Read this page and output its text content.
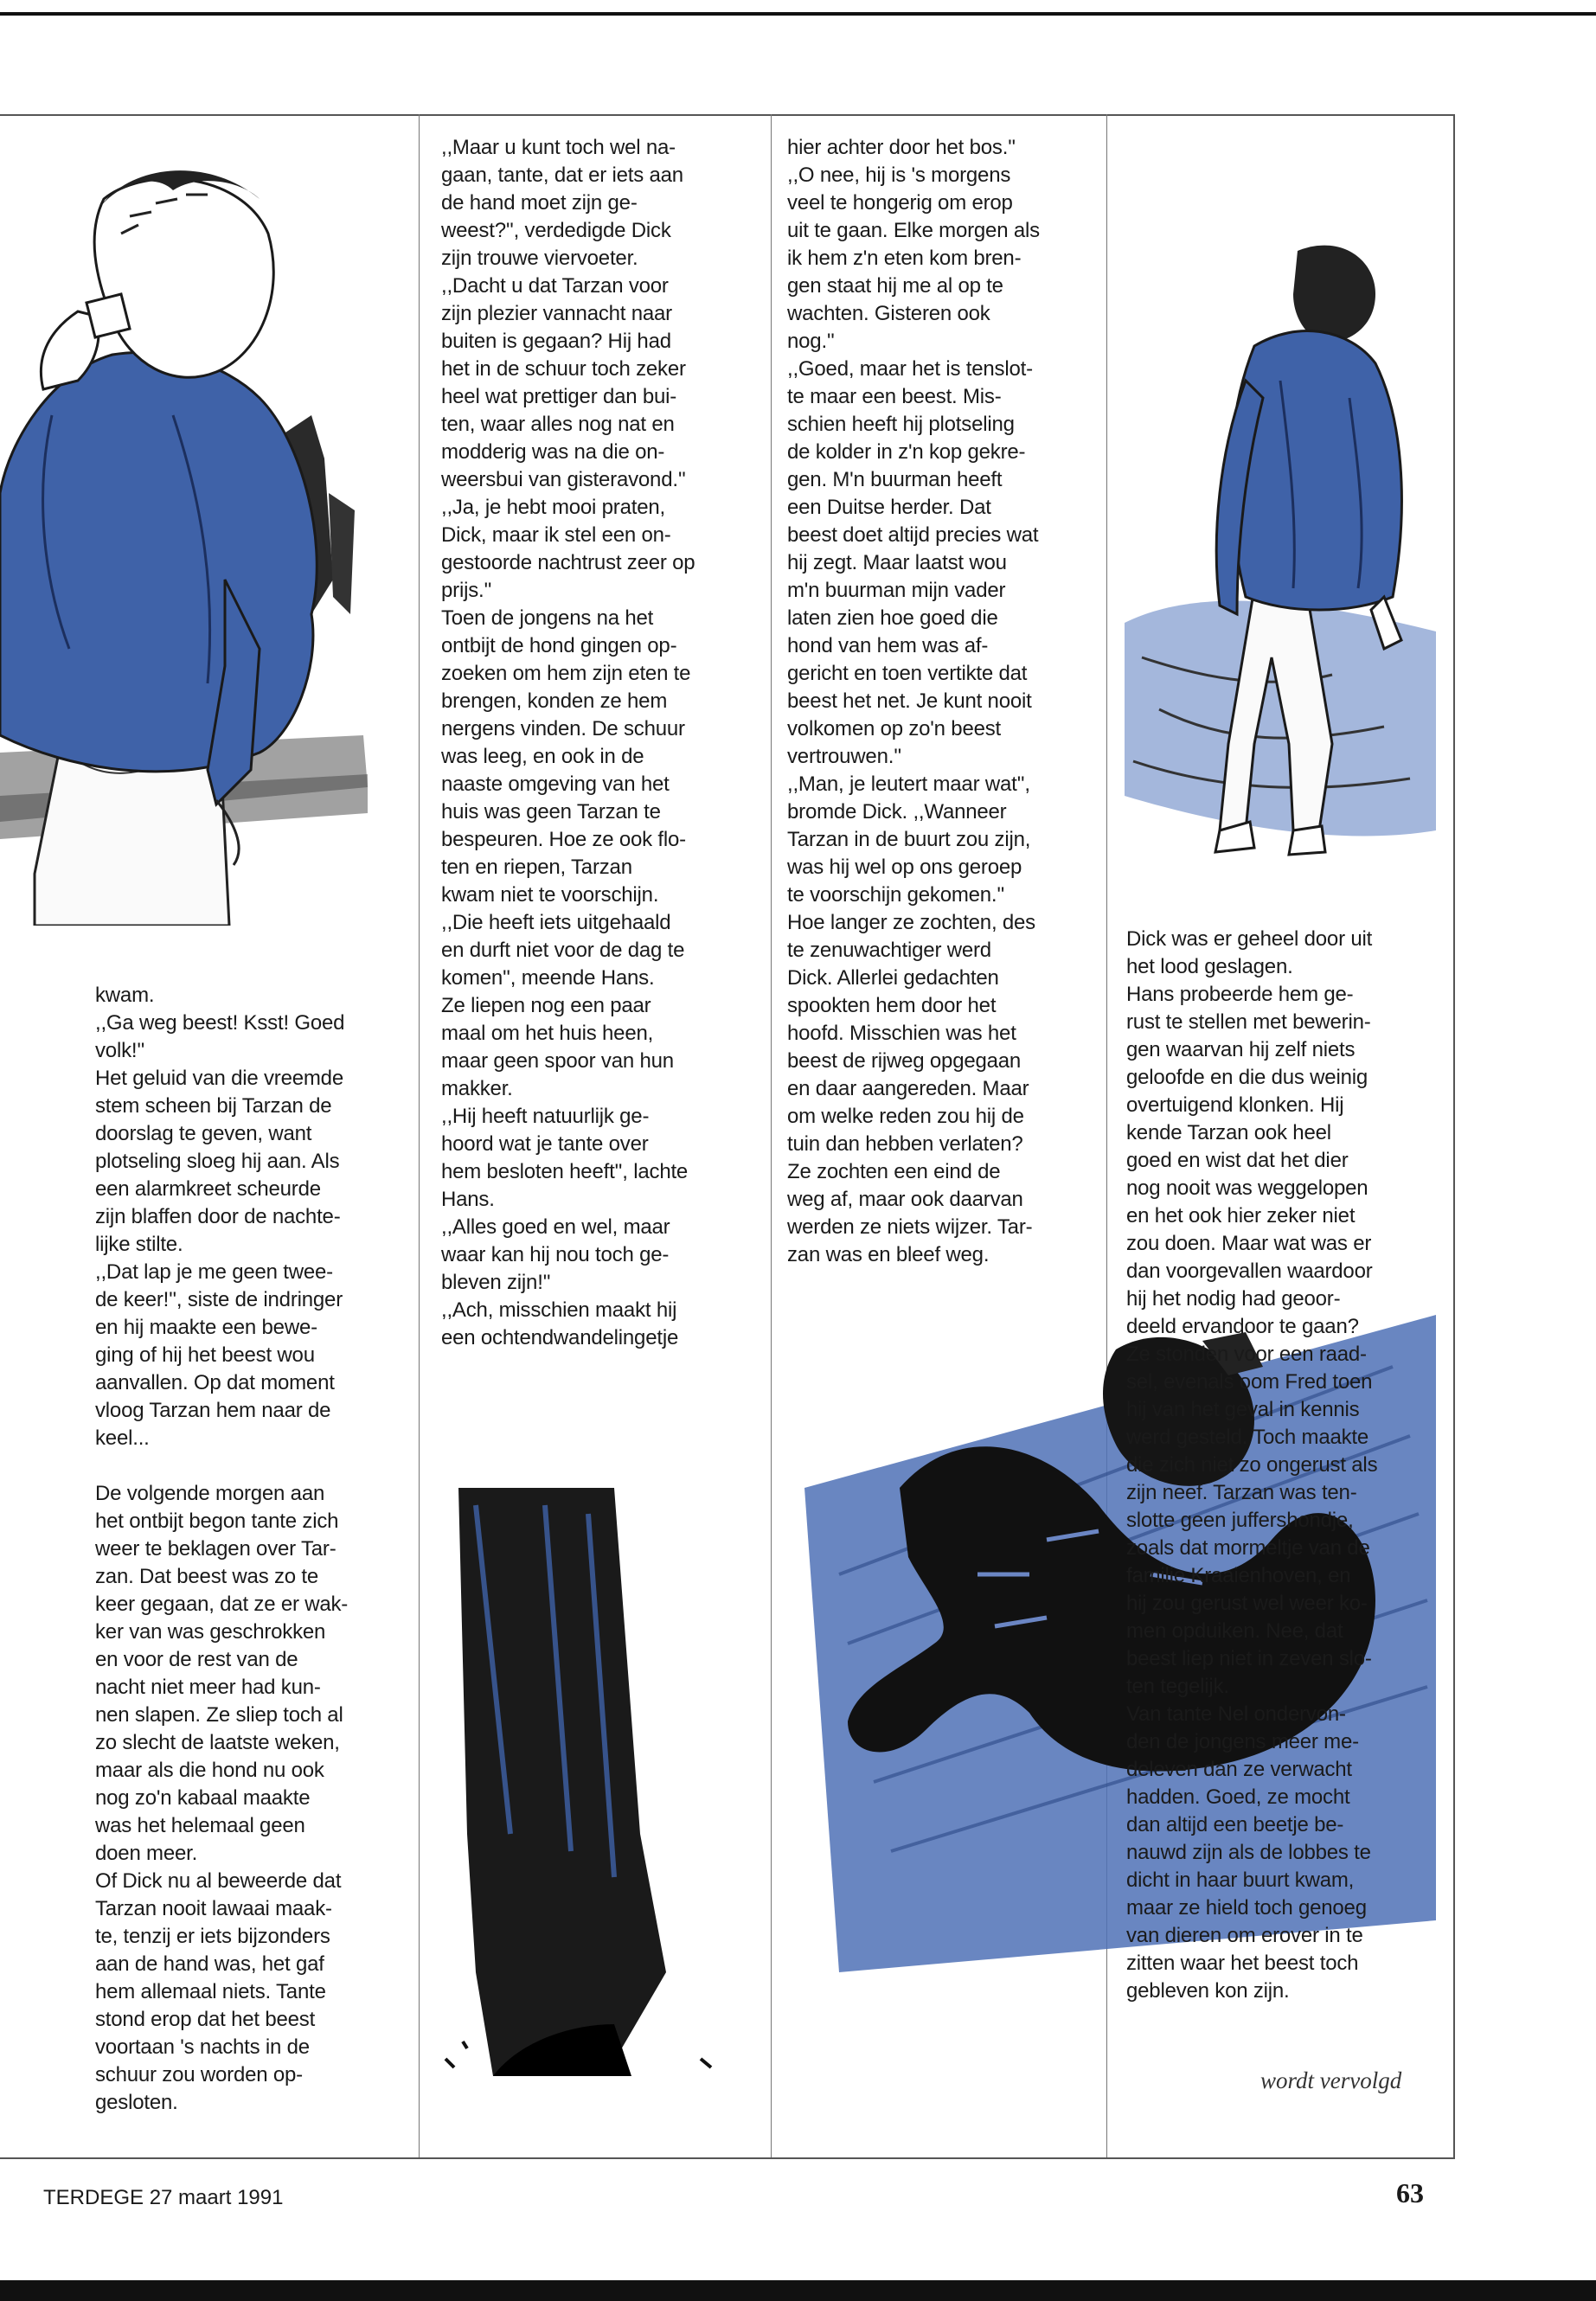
kwam.

,,Ga weg beest! Ksst! Goed

volk!''

Het geluid van die vreemde

stem scheen bij Tarzan de

doorslag te geven, want

plotseling sloeg hij aan. Als

een alarmkreet scheurde

zijn blaffen door de nachte-

lijke stilte.

,,Dat lap je me geen twee-

de keer!'', siste de indringer

en hij maakte een bewe-

ging of hij het beest wou

aanvallen. Op dat moment

vloog Tarzan hem naar de

keel...

De volgende morgen aan

het ontbijt begon tante zich

weer te beklagen over Tar-

zan. Dat beest was zo te

keer gegaan, dat ze er wak-

ker van was geschrokken

en voor de rest van de

nacht niet meer had kun-

nen slapen. Ze sliep toch al

zo slecht de laatste weken,

maar als die hond nu ook

nog zo'n kabaal maakte

was het helemaal geen

doen meer.

Of Dick nu al beweerde dat

Tarzan nooit lawaai maak-

te, tenzij er iets bijzonders

aan de hand was, het gaf

hem allemaal niets. Tante

stond erop dat het beest

voortaan 's nachts in de

schuur zou worden op-

gesloten.

,,Maar u kunt toch wel na-

gaan, tante, dat er iets aan

de hand moet zijn ge-

weest?'', verdedigde Dick

zijn trouwe viervoeter.

,,Dacht u dat Tarzan voor

zijn plezier vannacht naar

buiten is gegaan? Hij had

het in de schuur toch zeker

heel wat prettiger dan bui-

ten, waar alles nog nat en

modderig was na die on-

weersbui van gisteravond.''

,,Ja, je hebt mooi praten,

Dick, maar ik stel een on-

gestoorde nachtrust zeer op

prijs.''

Toen de jongens na het

ontbijt de hond gingen op-

zoeken om hem zijn eten te

brengen, konden ze hem

nergens vinden. De schuur

was leeg, en ook in de

naaste omgeving van het

huis was geen Tarzan te

bespeuren. Hoe ze ook flo-

ten en riepen, Tarzan

kwam niet te voorschijn.

,,Die heeft iets uitgehaald

en durft niet voor de dag te

komen'', meende Hans.

Ze liepen nog een paar

maal om het huis heen,

maar geen spoor van hun

makker.

,,Hij heeft natuurlijk ge-

hoord wat je tante over

hem besloten heeft'', lachte

Hans.

,,Alles goed en wel, maar

waar kan hij nou toch ge-

bleven zijn!''

,,Ach, misschien maakt hij

een ochtendwandelingetje

hier achter door het bos.''

,,O nee, hij is 's morgens

veel te hongerig om erop

uit te gaan. Elke morgen als

ik hem z'n eten kom bren-

gen staat hij me al op te

wachten. Gisteren ook

nog.''

,,Goed, maar het is tenslot-

te maar een beest. Mis-

schien heeft hij plotseling

de kolder in z'n kop gekre-

gen. M'n buurman heeft

een Duitse herder. Dat

beest doet altijd precies wat

hij zegt. Maar laatst wou

m'n buurman mijn vader

laten zien hoe goed die

hond van hem was af-

gericht en toen vertikte dat

beest het net. Je kunt nooit

volkomen op zo'n beest

vertrouwen.''

,,Man, je leutert maar wat'',

bromde Dick. ,,Wanneer

Tarzan in de buurt zou zijn,

was hij wel op ons geroep

te voorschijn gekomen.''

Hoe langer ze zochten, des

te zenuwachtiger werd

Dick. Allerlei gedachten

spookten hem door het

hoofd. Misschien was het

beest de rijweg opgegaan

en daar aangereden. Maar

om welke reden zou hij de

tuin dan hebben verlaten?

Ze zochten een eind de

weg af, maar ook daarvan

werden ze niets wijzer. Tar-

zan was en bleef weg.

Dick was er geheel door uit

het lood geslagen.

Hans probeerde hem ge-

rust te stellen met bewerin-

gen waarvan hij zelf niets

geloofde en die dus weinig

overtuigend klonken. Hij

kende Tarzan ook heel

goed en wist dat het dier

nog nooit was weggelopen

en het ook hier zeker niet

zou doen. Maar wat was er

dan voorgevallen waardoor

hij het nodig had geoor-

deeld ervandoor te gaan?

Ze stonden voor een raad-

sel, evenals oom Fred toen

hij van het geval in kennis

werd gesteld. Toch maakte

die zich niet zo ongerust als

zijn neef. Tarzan was ten-

slotte geen juffershondje,

zoals dat mormeltje van de

familie Kraaienhoven, en

hij zou gerust wel weer ko-

men opduiken. Nee, dat

beest liep niet in zeven slo-

ten tegelijk.

Van tante Nel ondervon-

den de jongens meer me-

deleven dan ze verwacht

hadden. Goed, ze mocht

dan altijd een beetje be-

nauwd zijn als de lobbes te

dicht in haar buurt kwam,

maar ze hield toch genoeg

van dieren om erover in te

zitten waar het beest toch

gebleven kon zijn.

wordt vervolgd
TERDEGE 27 maart 1991	63
